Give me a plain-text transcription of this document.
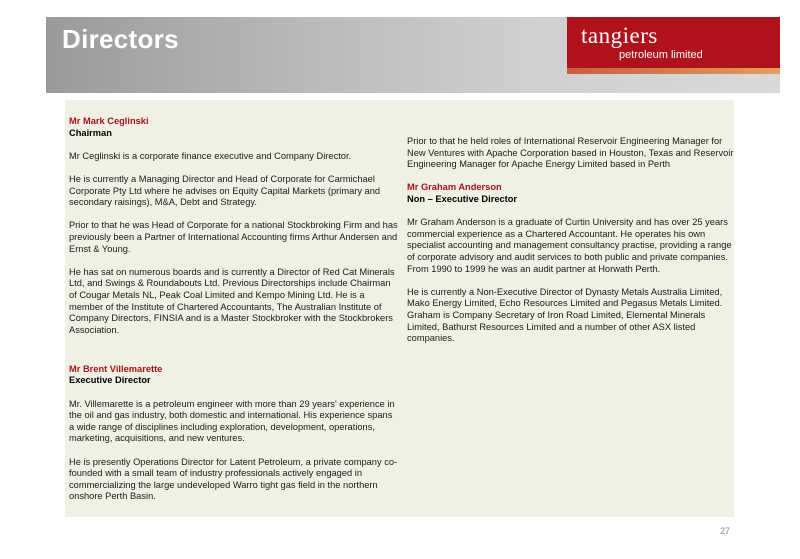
Directors	tangiers
petroleum limited
Mr Mark Ceglinski

Chairman

Mr Ceglinski is a corporate finance executive and Company Director.

He is currently a Managing Director and Head of Corporate for Carmichael Corporate Pty Ltd where he advises on Equity Capital Markets (primary and secondary raisings), M&A, Debt and Strategy.

Prior to that he was Head of Corporate for a national Stockbroking Firm and has previously been a Partner of International Accounting firms Arthur Andersen and Ernst & Young.

He has sat on numerous boards and is currently a Director of Red Cat Minerals Ltd, and Swings & Roundabouts Ltd. Previous Directorships include Chairman of Cougar Metals NL, Peak Coal Limited and Kempo Mining Ltd. He is a member of the Institute of Chartered Accountants, The Australian Institute of Company Directors, FINSIA and is a Master Stockbroker with the Stockbrokers Association.

Mr Brent Villemarette

Executive Director

Mr. Villemarette is a petroleum engineer with more than 29 years' experience in the oil and gas industry, both domestic and international. His experience spans a wide range of disciplines including exploration, development, operations, marketing, acquisitions, and new ventures.

He is presently Operations Director for Latent Petroleum, a private company co-founded with a small team of industry professionals actively engaged in commercializing the large undeveloped Warro tight gas field in the northern onshore Perth Basin.

Prior to that he held roles of International Reservoir Engineering Manager for New Ventures with Apache Corporation based in Houston, Texas and Reservoir Engineering Manager for Apache Energy Limited based in Perth

Mr Graham Anderson

Non – Executive Director

Mr Graham Anderson is a graduate of Curtin University and has over 25 years commercial experience as a Chartered Accountant. He operates his own specialist accounting and management consultancy practise, providing a range of corporate advisory and audit services to both public and private companies. From 1990 to 1999 he was an audit partner at Horwath Perth.

He is currently a Non-Executive Director of Dynasty Metals Australia Limited, Mako Energy Limited, Echo Resources Limited and Pegasus Metals Limited. Graham is Company Secretary of Iron Road Limited, Elemental Minerals Limited, Bathurst Resources Limited and a number of other ASX listed companies.

27
